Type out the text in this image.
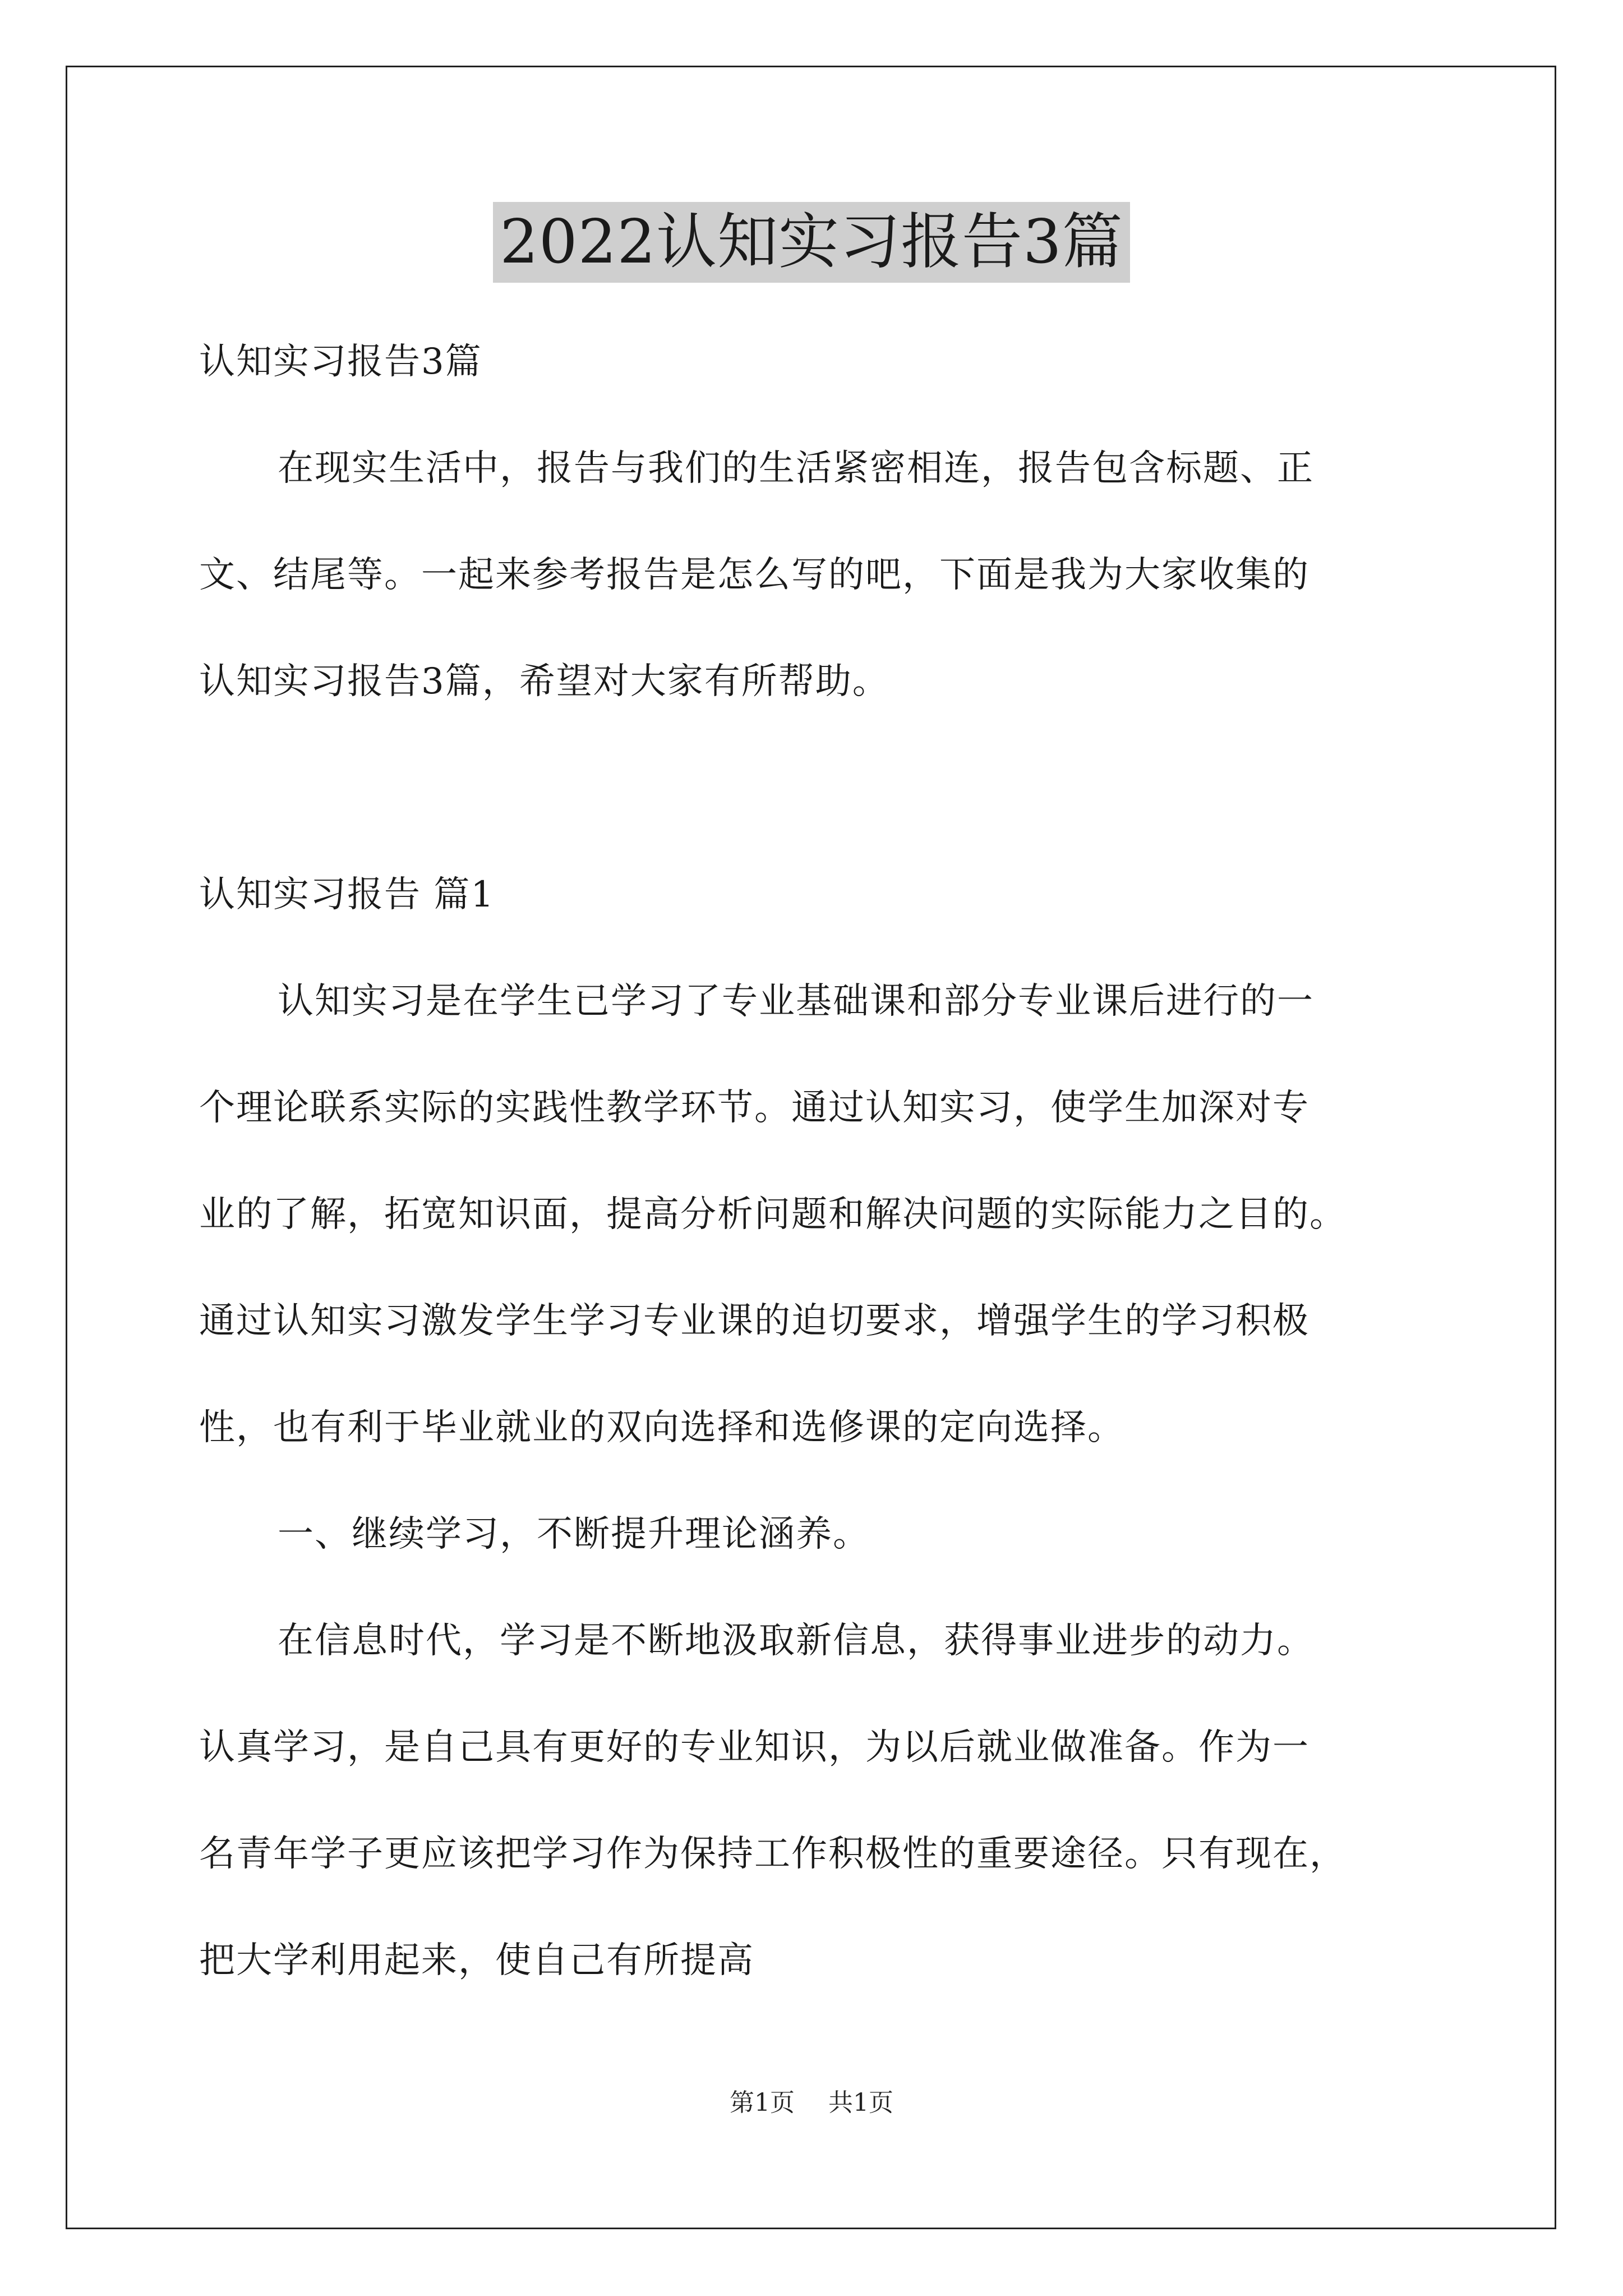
2022认知实习报告3篇
认知实习报告3篇
在现实生活中，报告与我们的生活紧密相连，报告包含标题、正
文、结尾等。一起来参考报告是怎么写的吧，下面是我为大家收集的
认知实习报告3篇，希望对大家有所帮助。
认知实习报告 篇1
认知实习是在学生已学习了专业基础课和部分专业课后进行的一
个理论联系实际的实践性教学环节。通过认知实习，使学生加深对专
业的了解，拓宽知识面，提高分析问题和解决问题的实际能力之目的。
通过认知实习激发学生学习专业课的迫切要求，增强学生的学习积极
性，也有利于毕业就业的双向选择和选修课的定向选择。
一、继续学习，不断提升理论涵养。
在信息时代，学习是不断地汲取新信息，获得事业进步的动力。
认真学习，是自己具有更好的专业知识，为以后就业做准备。作为一
名青年学子更应该把学习作为保持工作积极性的重要途径。只有现在，
把大学利用起来，使自己有所提高
第1页 共1页
